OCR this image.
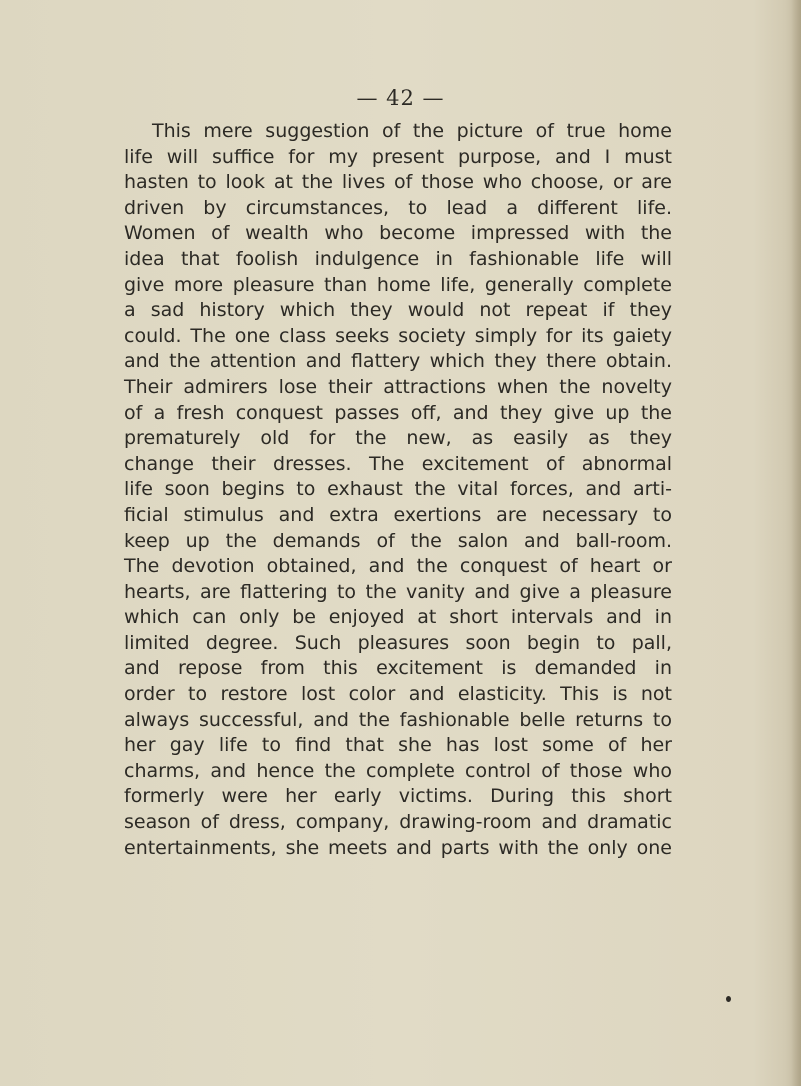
— 42 —
This mere suggestion of the picture of true home
life will suffice for my present purpose, and I must
hasten to look at the lives of those who choose, or are
driven by circumstances, to lead a different life.
Women of wealth who become impressed with the
idea that foolish indulgence in fashionable life will
give more pleasure than home life, generally complete
a sad history which they would not repeat if they
could. The one class seeks society simply for its gaiety
and the attention and flattery which they there obtain.
Their admirers lose their attractions when the novelty
of a fresh conquest passes off, and they give up the
prematurely old for the new, as easily as they
change their dresses. The excitement of abnormal
life soon begins to exhaust the vital forces, and arti-
ficial stimulus and extra exertions are necessary to
keep up the demands of the salon and ball-room.
The devotion obtained, and the conquest of heart or
hearts, are flattering to the vanity and give a pleasure
which can only be enjoyed at short intervals and in
limited degree. Such pleasures soon begin to pall,
and repose from this excitement is demanded in
order to restore lost color and elasticity. This is not
always successful, and the fashionable belle returns to
her gay life to find that she has lost some of her
charms, and hence the complete control of those who
formerly were her early victims. During this short
season of dress, company, drawing-room and dramatic
entertainments, she meets and parts with the only one
